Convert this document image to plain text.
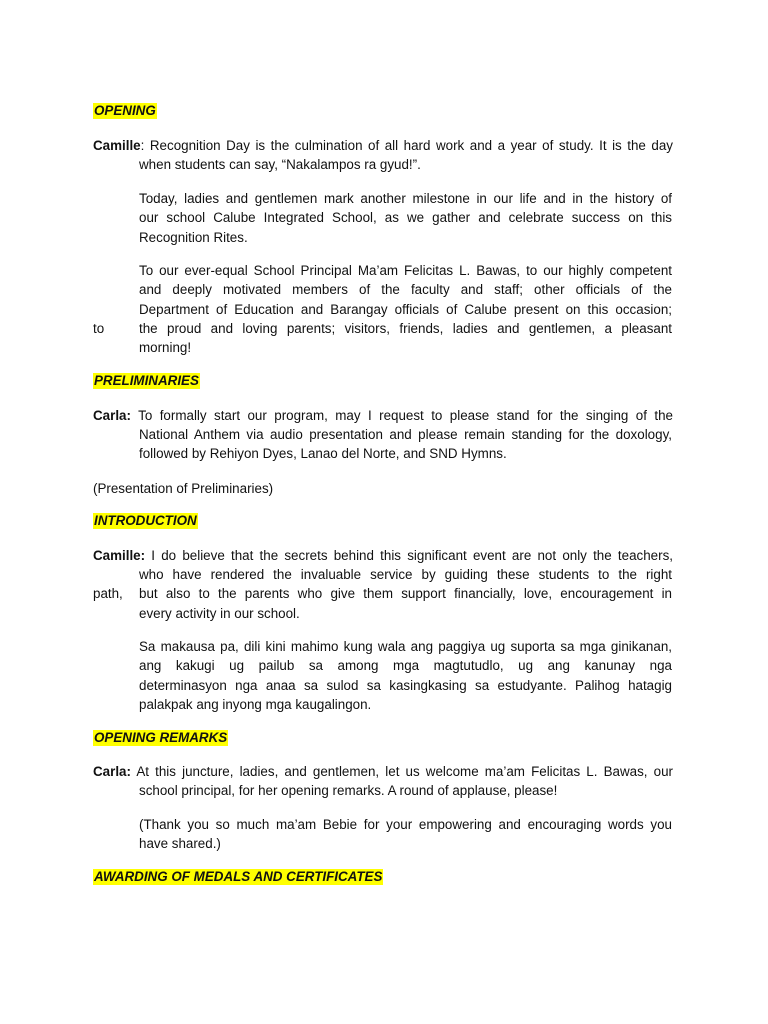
OPENING
Camille: Recognition Day is the culmination of all hard work and a year of study. It is the day
when students can say, “Nakalampos ra gyud!”.
Today, ladies and gentlemen mark another milestone in our life and in the history of
our school Calube Integrated School, as we gather and celebrate success on this
Recognition Rites.
To our ever-equal School Principal Ma’am Felicitas L. Bawas, to our highly competent
and deeply motivated members of the faculty and staff; other officials of the
Department of Education and Barangay officials of Calube present on this occasion;
the proud and loving parents; visitors, friends, ladies and gentlemen, a pleasant
morning!
to
PRELIMINARIES
Carla: To formally start our program, may I request to please stand for the singing of the
National Anthem via audio presentation and please remain standing for the doxology,
followed by Rehiyon Dyes, Lanao del Norte, and SND Hymns.
(Presentation of Preliminaries)
INTRODUCTION
Camille: I do believe that the secrets behind this significant event are not only the teachers,
who have rendered the invaluable service by guiding these students to the right
but also to the parents who give them support financially, love, encouragement in
every activity in our school.
path,
Sa makausa pa, dili kini mahimo kung wala ang paggiya ug suporta sa mga ginikanan,
ang kakugi ug pailub sa among mga magtutudlo, ug ang kanunay nga
determinasyon nga anaa sa sulod sa kasingkasing sa estudyante. Palihog hatagig
palakpak ang inyong mga kaugalingon.
OPENING REMARKS
Carla: At this juncture, ladies, and gentlemen, let us welcome ma’am Felicitas L. Bawas, our
school principal, for her opening remarks. A round of applause, please!
(Thank you so much ma’am Bebie for your empowering and encouraging words you
have shared.)
AWARDING OF MEDALS AND CERTIFICATES
